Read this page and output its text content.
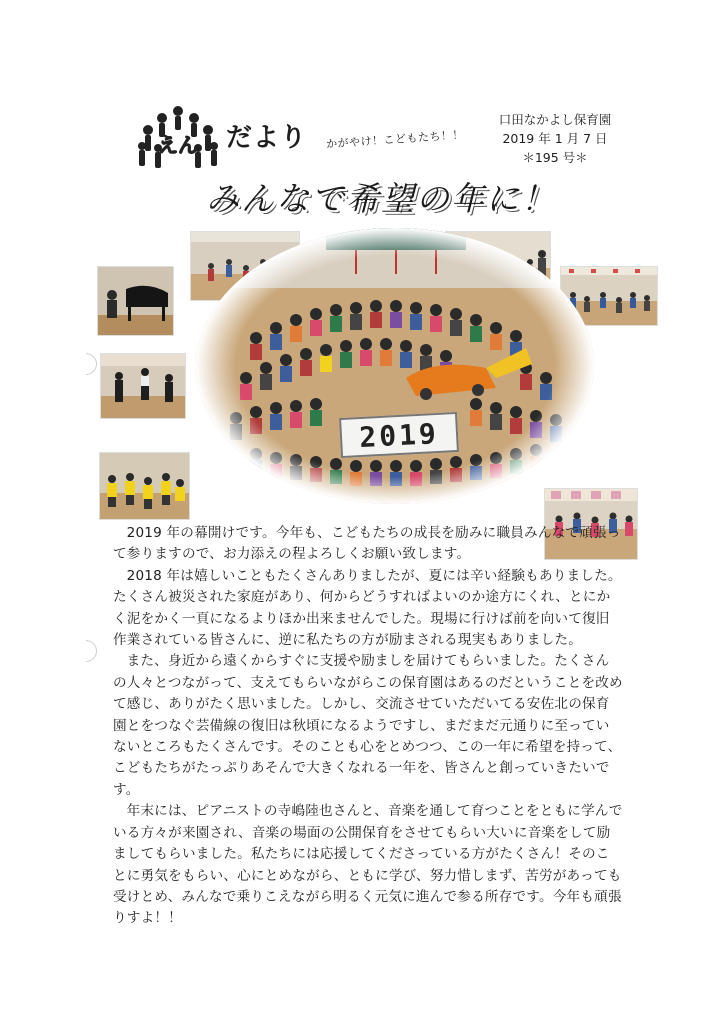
えん だより かがやけ！こどもたち！！
口田なかよし保育園
2019 年 1 月 7 日
＊195 号＊
みんなで希望の年に！
2019

2019 年の幕開けです。今年も、こどもたちの成長を励みに職員みんなで頑張って参りますので、お力添えの程よろしくお願い致します。

2018 年は嬉しいこともたくさんありましたが、夏には辛い経験もありました。たくさん被災された家庭があり、何からどうすればよいのか途方にくれ、とにかく泥をかく一頁になるよりほか出来ませんでした。現場に行けば前を向いて復旧作業されている皆さんに、逆に私たちの方が励まされる現実もありました。

また、身近から遠くからすぐに支援や励ましを届けてもらいました。たくさんの人々とつながって、支えてもらいながらこの保育園はあるのだということを改めて感じ、ありがたく思いました。しかし、交流させていただいてる安佐北の保育園とをつなぐ芸備線の復旧は秋頃になるようですし、まだまだ元通りに至っていないところもたくさんです。そのことも心をとめつつ、この一年に希望を持って、こどもたちがたっぷりあそんで大きくなれる一年を、皆さんと創っていきたいです。

年末には、ピアニストの寺嶋陸也さんと、音楽を通して育つことをともに学んでいる方々が来園され、音楽の場面の公開保育をさせてもらい大いに音楽をして励ましてもらいました。私たちには応援してくださっている方がたくさん！そのことに勇気をもらい、心にとめながら、ともに学び、努力惜しまず、苦労があっても受けとめ、みんなで乗りこえながら明るく元気に進んで参る所存です。今年も頑張りすよ！！
